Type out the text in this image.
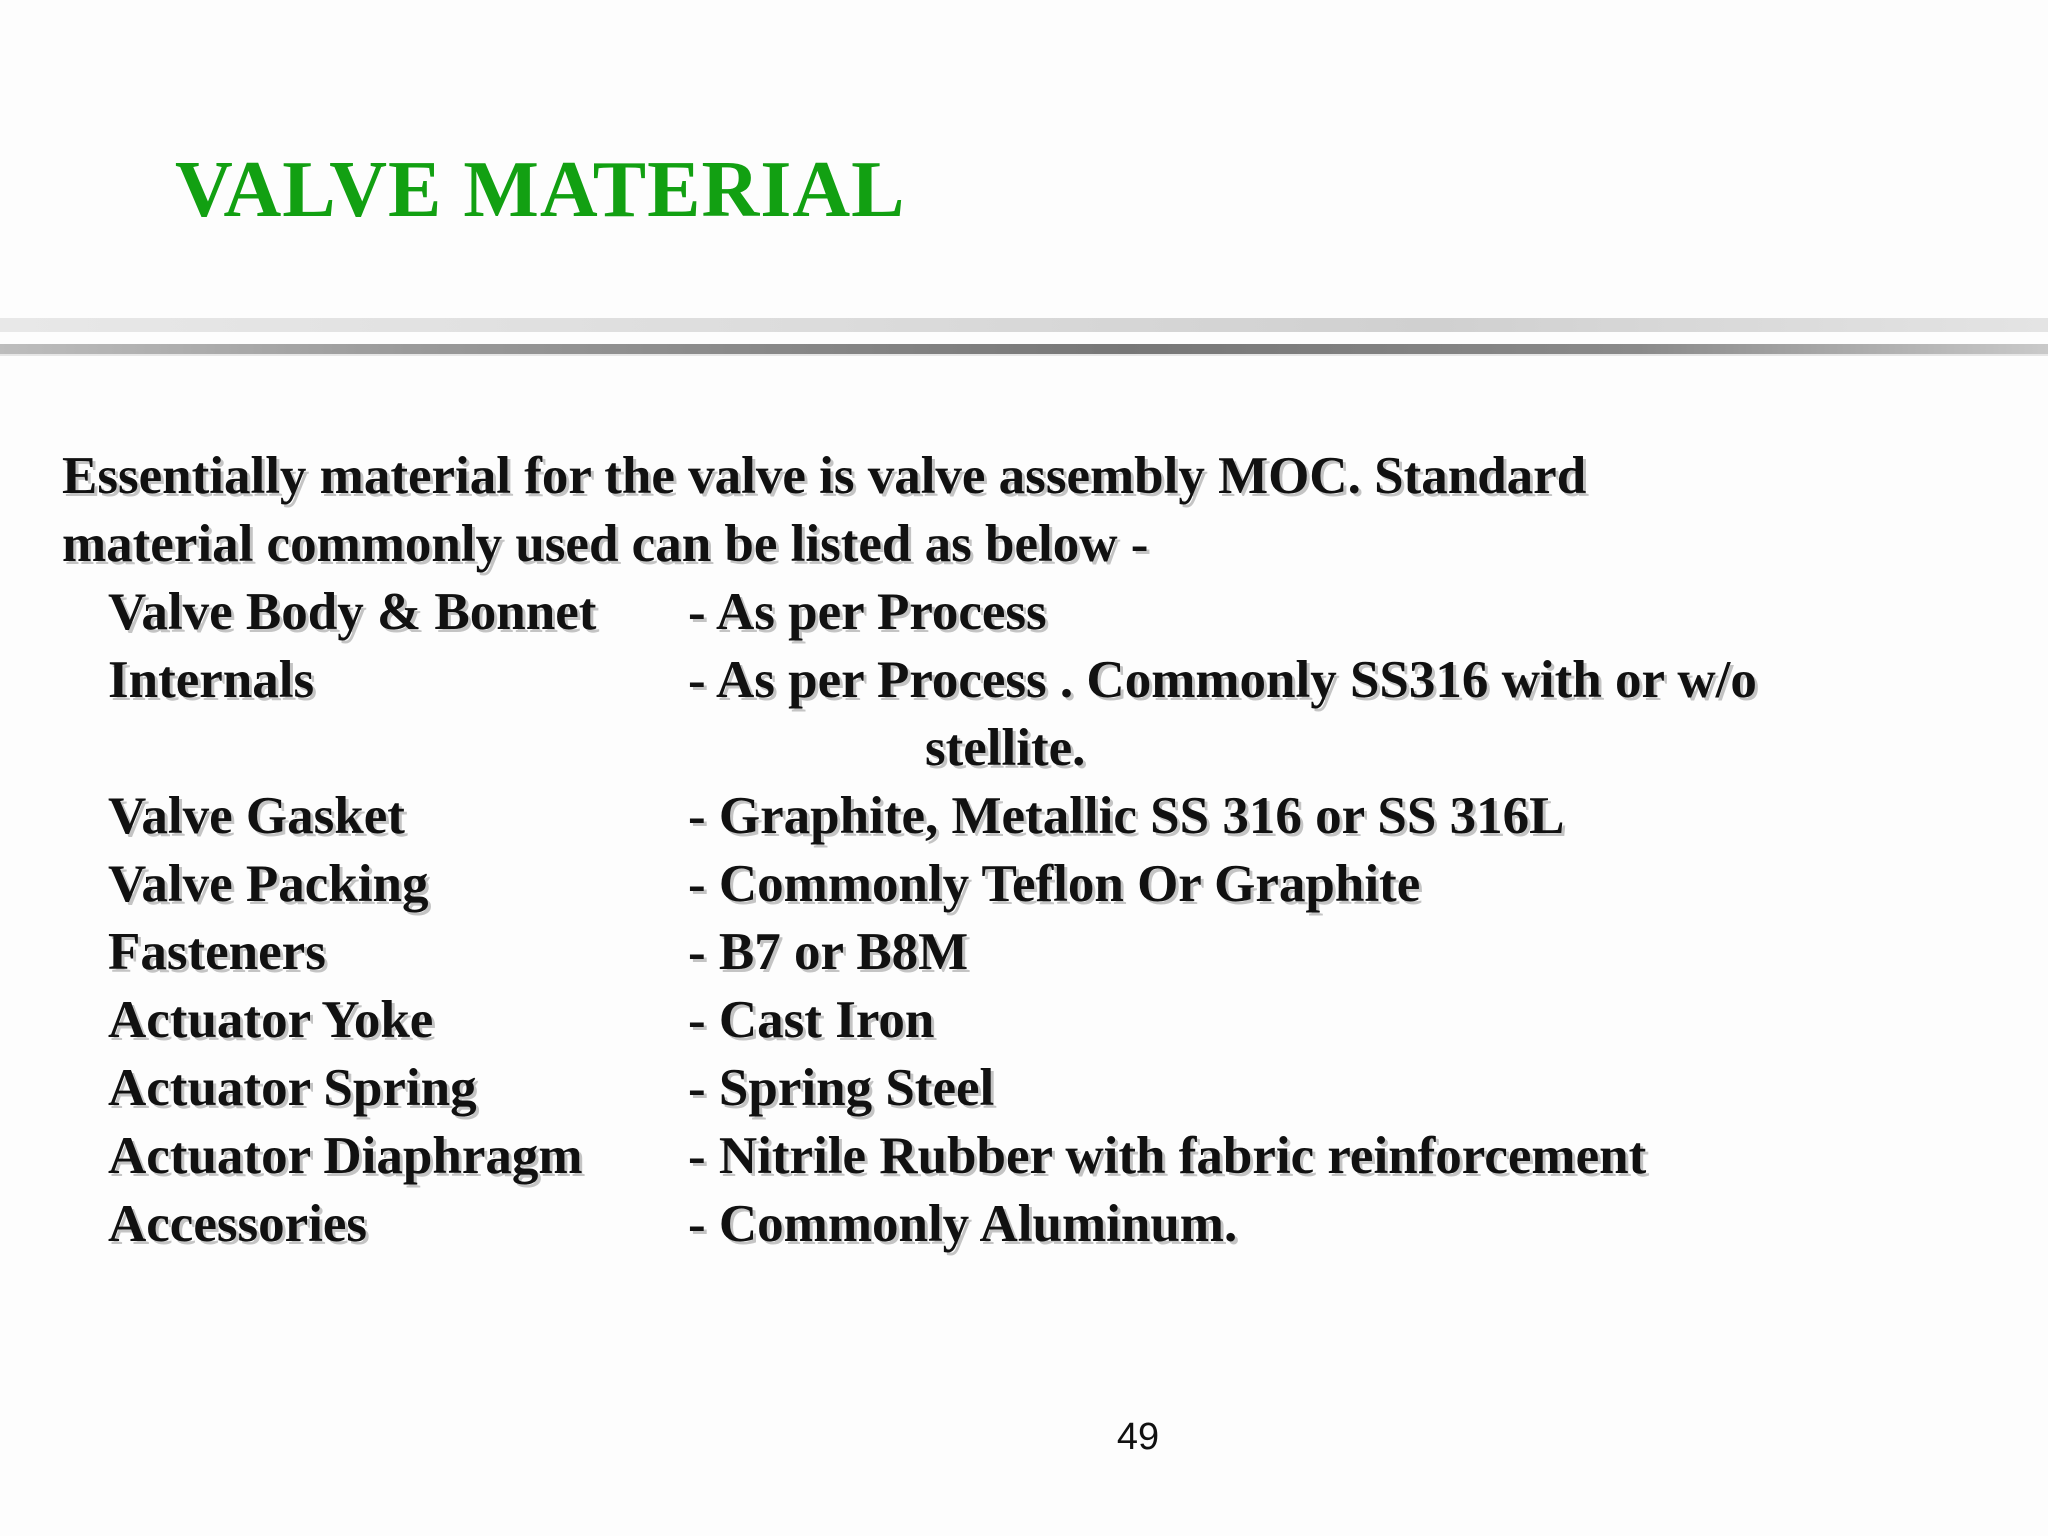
VALVE MATERIAL

Essentially material for the valve is valve assembly MOC. Standard

material commonly used can be listed as below -

Valve Body & Bonnet - As per Process
Internals	- As per Process . Commonly SS316 with or w/o
stellite.
Valve Gasket	- Graphite, Metallic SS 316 or SS 316L
Valve Packing	- Commonly Teflon Or Graphite
Fasteners	- B7 or B8M
Actuator Yoke	- Cast Iron
Actuator Spring	- Spring Steel
Actuator Diaphragm - Nitrile Rubber with fabric reinforcement
Accessories	- Commonly Aluminum.
49
